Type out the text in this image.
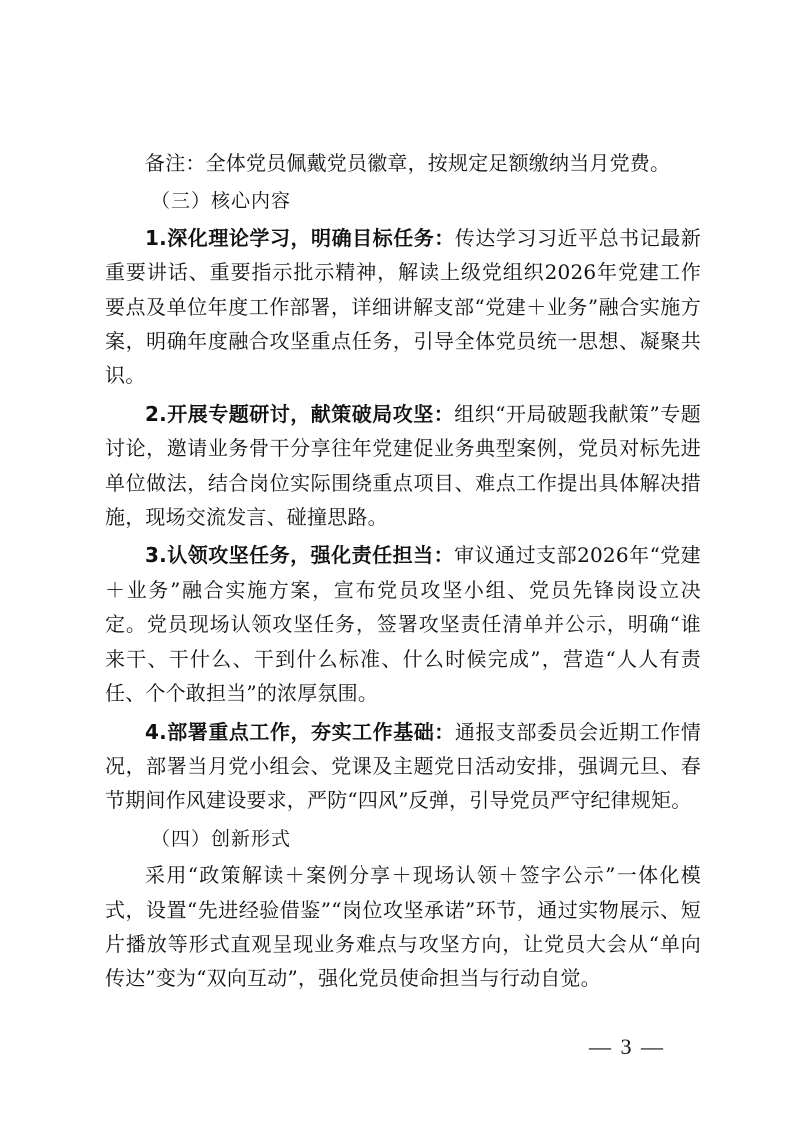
备注：全体党员佩戴党员徽章，按规定足额缴纳当月党费。

（三）核心内容

1.深化理论学习，明确目标任务：传达学习习近平总书记最新重要讲话、重要指示批示精神，解读上级党组织2026年党建工作要点及单位年度工作部署，详细讲解支部“党建＋业务”融合实施方案，明确年度融合攻坚重点任务，引导全体党员统一思想、凝聚共识。

2.开展专题研讨，献策破局攻坚：组织“开局破题我献策”专题讨论，邀请业务骨干分享往年党建促业务典型案例，党员对标先进单位做法，结合岗位实际围绕重点项目、难点工作提出具体解决措施，现场交流发言、碰撞思路。

3.认领攻坚任务，强化责任担当：审议通过支部2026年“党建＋业务”融合实施方案，宣布党员攻坚小组、党员先锋岗设立决定。党员现场认领攻坚任务，签署攻坚责任清单并公示，明确“谁来干、干什么、干到什么标准、什么时候完成”，营造“人人有责任、个个敢担当”的浓厚氛围。

4.部署重点工作，夯实工作基础：通报支部委员会近期工作情况，部署当月党小组会、党课及主题党日活动安排，强调元旦、春节期间作风建设要求，严防“四风”反弹，引导党员严守纪律规矩。

（四）创新形式

采用“政策解读＋案例分享＋现场认领＋签字公示”一体化模式，设置“先进经验借鉴”“岗位攻坚承诺”环节，通过实物展示、短片播放等形式直观呈现业务难点与攻坚方向，让党员大会从“单向传达”变为“双向互动”，强化党员使命担当与行动自觉。

— 3 —
